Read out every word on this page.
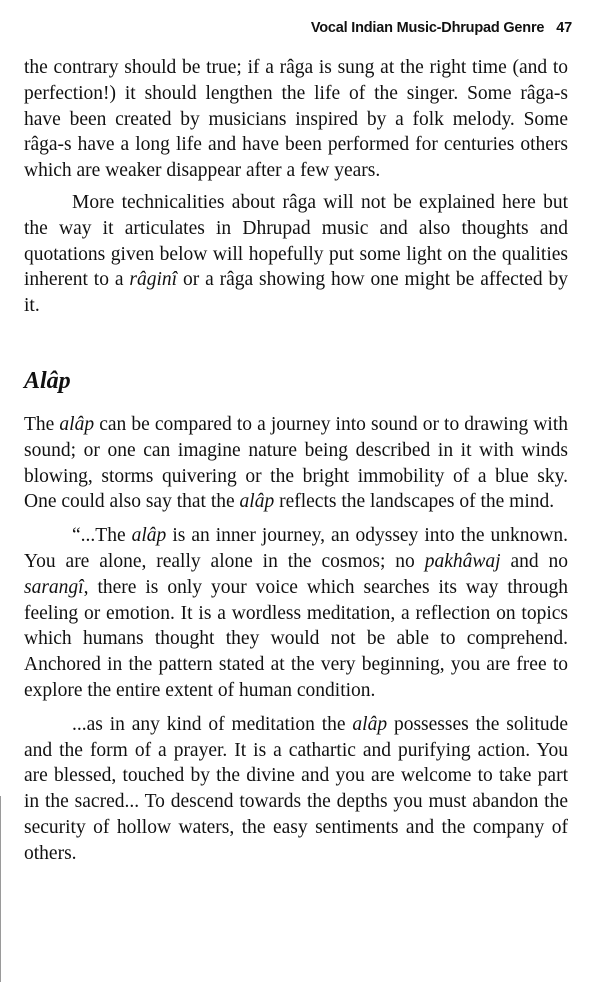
Vocal Indian Music-Dhrupad Genre 47

the contrary should be true; if a râga is sung at the right time (and to perfection!) it should lengthen the life of the singer. Some râga-s have been created by musicians inspired by a folk melody. Some râga-s have a long life and have been performed for centuries others which are weaker disappear after a few years.

More technicalities about râga will not be explained here but the way it articulates in Dhrupad music and also thoughts and quotations given below will hopefully put some light on the qualities inherent to a râginî or a râga showing how one might be affected by it.

Alâp

The alâp can be compared to a journey into sound or to drawing with sound; or one can imagine nature being described in it with winds blowing, storms quivering or the bright immobility of a blue sky. One could also say that the alâp reflects the landscapes of the mind.

“...The alâp is an inner journey, an odyssey into the unknown. You are alone, really alone in the cosmos; no pakhâwaj and no sarangî, there is only your voice which searches its way through feeling or emotion. It is a wordless meditation, a reflection on topics which humans thought they would not be able to comprehend. Anchored in the pattern stated at the very beginning, you are free to explore the entire extent of human condition.

...as in any kind of meditation the alâp possesses the solitude and the form of a prayer. It is a cathartic and purifying action. You are blessed, touched by the divine and you are welcome to take part in the sacred... To descend towards the depths you must abandon the security of hollow waters, the easy sentiments and the company of others.
